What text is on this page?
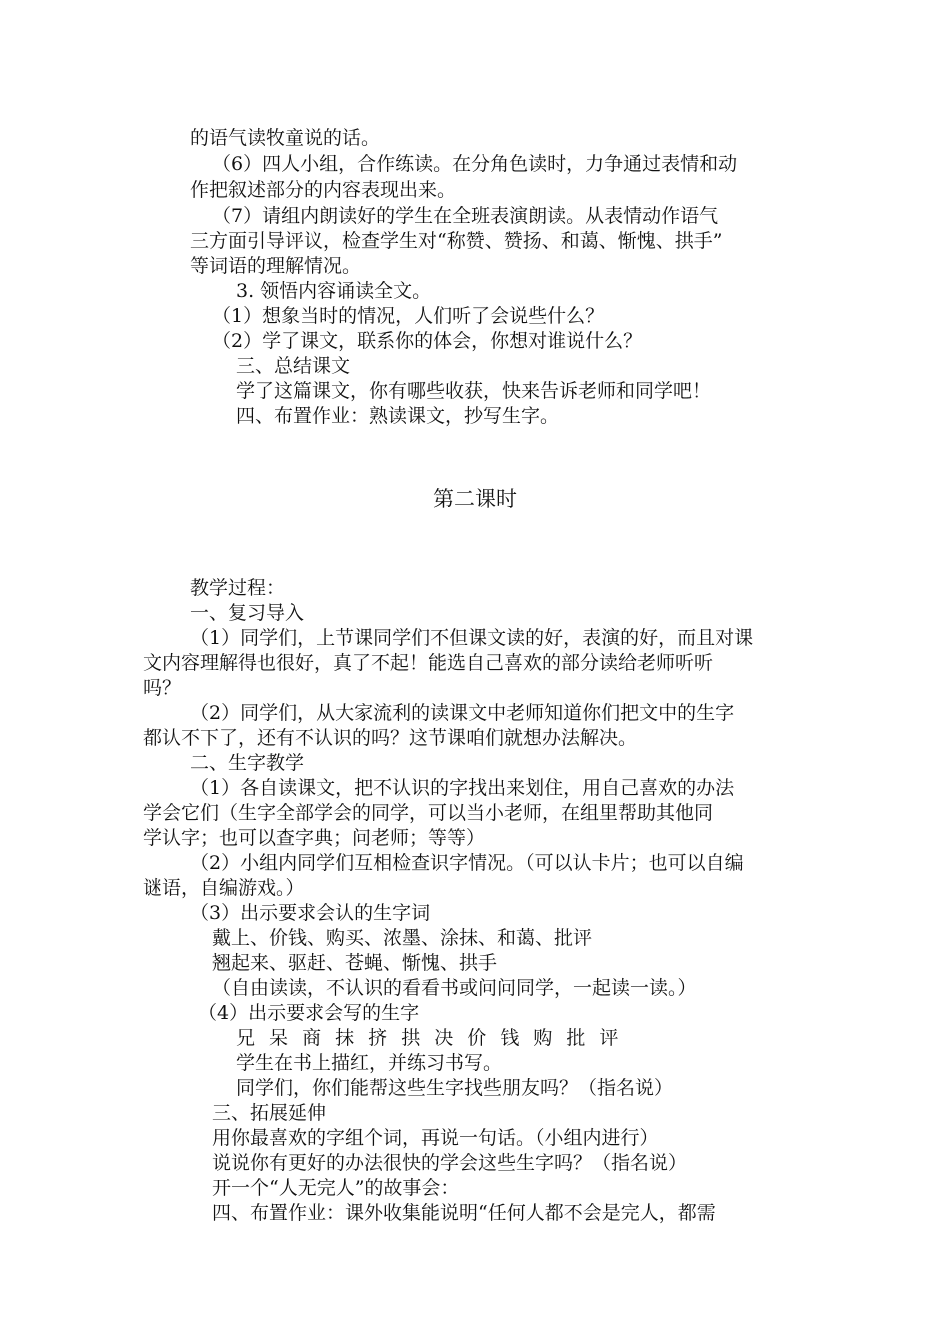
的语气读牧童说的话。
（6）四人小组，合作练读。在分角色读时，力争通过表情和动
作把叙述部分的内容表现出来。
（7）请组内朗读好的学生在全班表演朗读。从表情动作语气
三方面引导评议，检查学生对“称赞、赞扬、和蔼、惭愧、拱手”
等词语的理解情况。
3. 领悟内容诵读全文。
（1）想象当时的情况，人们听了会说些什么？
（2）学了课文，联系你的体会，你想对谁说什么？
三、总结课文
学了这篇课文，你有哪些收获，快来告诉老师和同学吧！
四、布置作业：熟读课文，抄写生字。
第二课时
教学过程：
一、复习导入
（1）同学们，上节课同学们不但课文读的好，表演的好，而且对课
文内容理解得也很好，真了不起！能选自己喜欢的部分读给老师听听
吗？
（2）同学们，从大家流利的读课文中老师知道你们把文中的生字
都认不下了，还有不认识的吗？这节课咱们就想办法解决。
二、生字教学
（1）各自读课文，把不认识的字找出来划住，用自己喜欢的办法
学会它们（生字全部学会的同学，可以当小老师，在组里帮助其他同
学认字；也可以查字典；问老师；等等）
（2）小组内同学们互相检查识字情况。（可以认卡片；也可以自编
谜语，自编游戏。）
（3）出示要求会认的生字词
戴上、价钱、购买、浓墨、涂抹、和蔼、批评
翘起来、驱赶、苍蝇、惭愧、拱手
（自由读读，不认识的看看书或问问同学，一起读一读。）
（4）出示要求会写的生字
兄 呆 商 抹 挤 拱 决 价 钱 购 批 评
学生在书上描红，并练习书写。
同学们，你们能帮这些生字找些朋友吗？（指名说）
三、拓展延伸
用你最喜欢的字组个词，再说一句话。（小组内进行）
说说你有更好的办法很快的学会这些生字吗？（指名说）
开一个“人无完人”的故事会：
四、布置作业：课外收集能说明“任何人都不会是完人，都需
